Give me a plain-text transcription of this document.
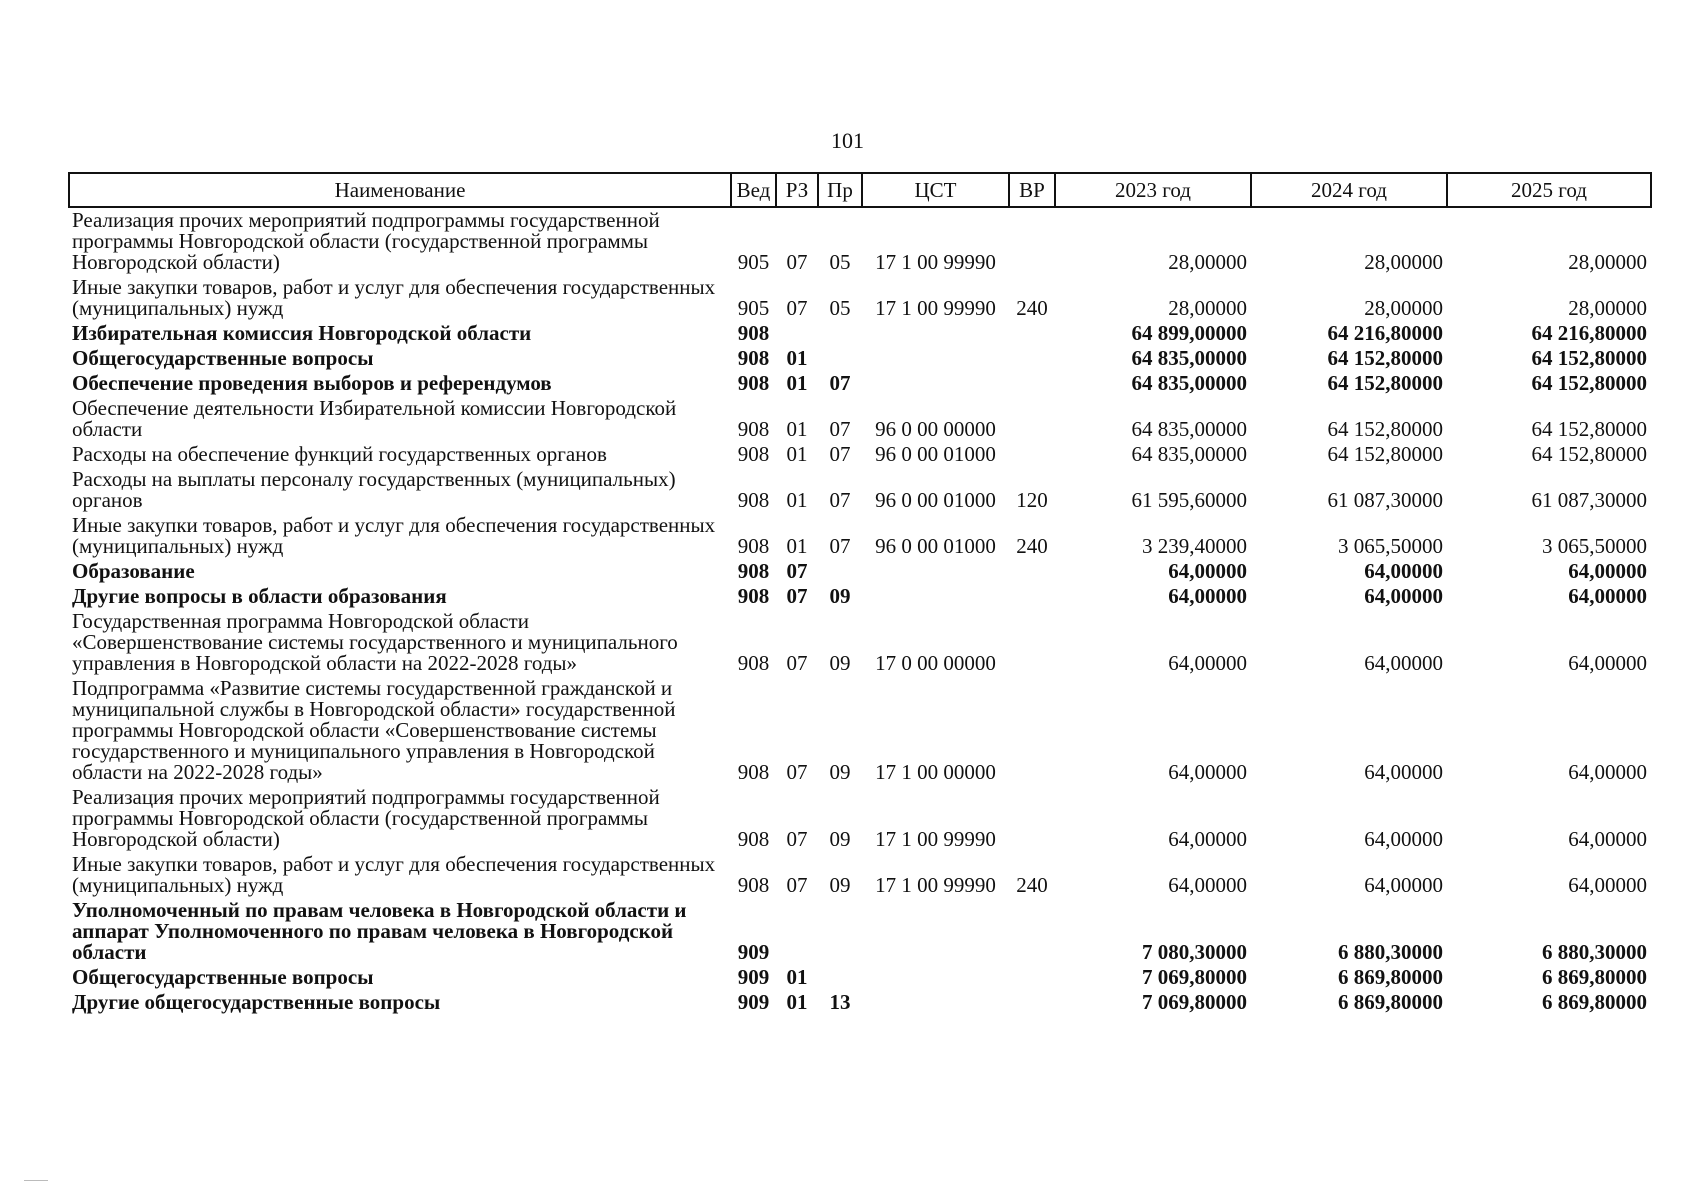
101
Наименование	Вед	РЗ	Пр	ЦСТ	ВР	2023 год	2024 год	2025 год
Реализация прочих мероприятий подпрограммы государственной программы Новгородской области (государственной программы Новгородской области)	905	07	05	17 1 00 99990		28,00000	28,00000	28,00000
Иные закупки товаров, работ и услуг для обеспечения государственных (муниципальных) нужд	905	07	05	17 1 00 99990	240	28,00000	28,00000	28,00000
Избирательная комиссия Новгородской области	908					64 899,00000	64 216,80000	64 216,80000
Общегосударственные вопросы	908	01				64 835,00000	64 152,80000	64 152,80000
Обеспечение проведения выборов и референдумов	908	01	07			64 835,00000	64 152,80000	64 152,80000
Обеспечение деятельности Избирательной комиссии Новгородской области	908	01	07	96 0 00 00000		64 835,00000	64 152,80000	64 152,80000
Расходы на обеспечение функций государственных органов	908	01	07	96 0 00 01000		64 835,00000	64 152,80000	64 152,80000
Расходы на выплаты персоналу государственных (муниципальных) органов	908	01	07	96 0 00 01000	120	61 595,60000	61 087,30000	61 087,30000
Иные закупки товаров, работ и услуг для обеспечения государственных (муниципальных) нужд	908	01	07	96 0 00 01000	240	3 239,40000	3 065,50000	3 065,50000
Образование	908	07				64,00000	64,00000	64,00000
Другие вопросы в области образования	908	07	09			64,00000	64,00000	64,00000
Государственная программа Новгородской области «Совершенствование системы государственного и муниципального управления в Новгородской области на 2022-2028 годы»	908	07	09	17 0 00 00000		64,00000	64,00000	64,00000
Подпрограмма «Развитие системы государственной гражданской и муниципальной службы в Новгородской области» государственной программы Новгородской области «Совершенствование системы государственного и муниципального управления в Новгородской области на 2022-2028 годы»	908	07	09	17 1 00 00000		64,00000	64,00000	64,00000
Реализация прочих мероприятий подпрограммы государственной программы Новгородской области (государственной программы Новгородской области)	908	07	09	17 1 00 99990		64,00000	64,00000	64,00000
Иные закупки товаров, работ и услуг для обеспечения государственных (муниципальных) нужд	908	07	09	17 1 00 99990	240	64,00000	64,00000	64,00000
Уполномоченный по правам человека в Новгородской области и аппарат Уполномоченного по правам человека в Новгородской области	909					7 080,30000	6 880,30000	6 880,30000
Общегосударственные вопросы	909	01				7 069,80000	6 869,80000	6 869,80000
Другие общегосударственные вопросы	909	01	13			7 069,80000	6 869,80000	6 869,80000
